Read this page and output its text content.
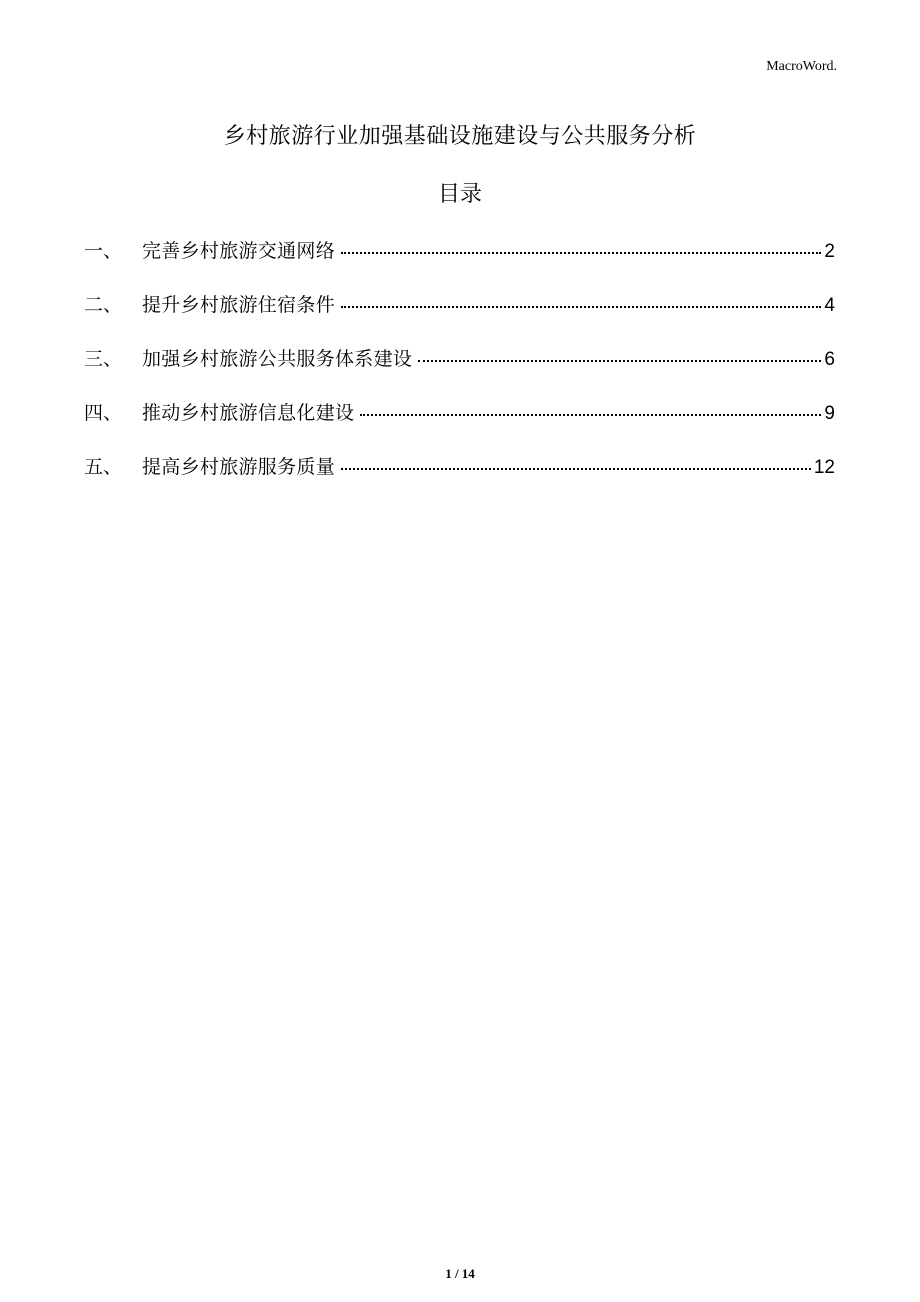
MacroWord.
乡村旅游行业加强基础设施建设与公共服务分析
目录
一、	完善乡村旅游交通网络	2
二、	提升乡村旅游住宿条件	4
三、	加强乡村旅游公共服务体系建设	6
四、	推动乡村旅游信息化建设	9
五、	提高乡村旅游服务质量	12
1 / 14
